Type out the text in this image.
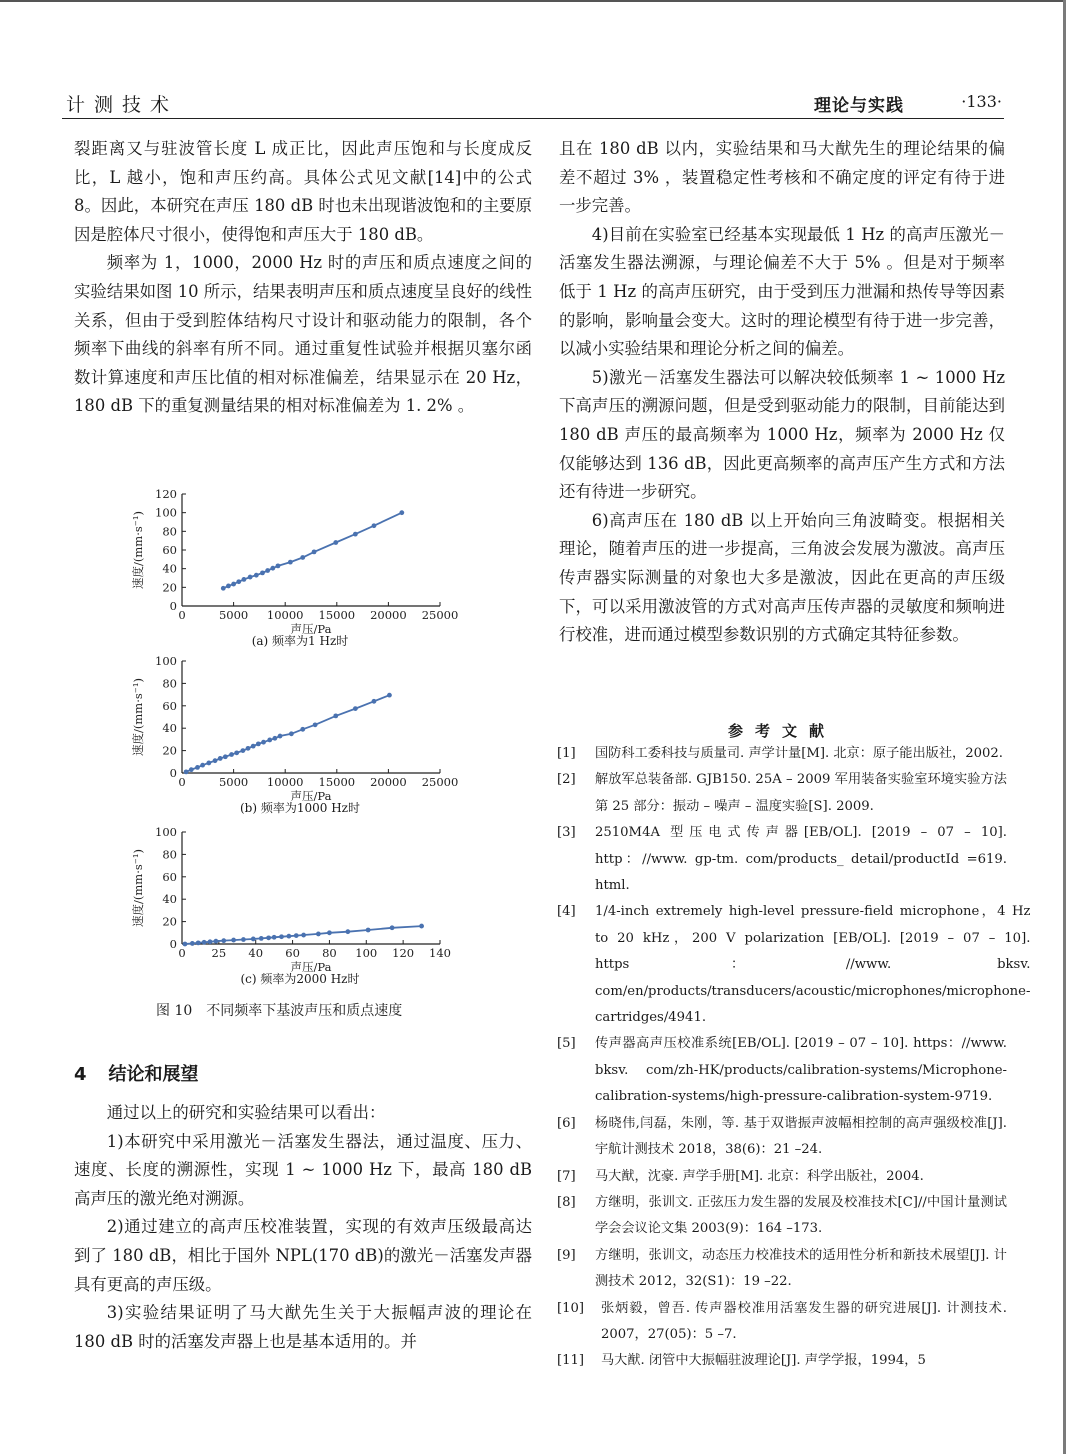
计测技术	理论与实践	·133·

裂距离又与驻波管长度 L 成正比，因此声压饱和与长度成反比，L 越小，饱和声压约高。具体公式见文献[14]中的公式 8。因此，本研究在声压 180 dB 时也未出现谐波饱和的主要原因是腔体尺寸很小，使得饱和声压大于 180 dB。

频率为 1，1000，2000 Hz 时的声压和质点速度之间的实验结果如图 10 所示，结果表明声压和质点速度呈良好的线性关系，但由于受到腔体结构尺寸设计和驱动能力的限制，各个频率下曲线的斜率有所不同。通过重复性试验并根据贝塞尔函数计算速度和声压比值的相对标准偏差，结果显示在 20 Hz，180 dB 下的重复测量结果的相对标准偏差为 1. 2% 。

0
20
40
60
80
100
120
0	5000 10000 15000 20000 25000
声压/Pa
速度/(mm·s⁻¹)
(a) 频率为1 Hz时
0
20
40
60
80
100
0	5000 10000 15000 20000 25000
声压/Pa
速度/(mm·s⁻¹)
(b) 频率为1000 Hz时
0
20
40
60
80
100
0 25 40 60 80 100 120 140
声压/Pa
速度/(mm·s⁻¹)
(c) 频率为2000 Hz时
图 10　不同频率下基波声压和质点速度
4 结论和展望

通过以上的研究和实验结果可以看出：

1)本研究中采用激光－活塞发生器法，通过温度、压力、速度、长度的溯源性，实现 1 ~ 1000 Hz 下，最高 180 dB 高声压的激光绝对溯源。

2)通过建立的高声压校准装置，实现的有效声压级最高达到了 180 dB，相比于国外 NPL(170 dB)的激光－活塞发声器具有更高的声压级。

3)实验结果证明了马大猷先生关于大振幅声波的理论在 180 dB 时的活塞发声器上也是基本适用的。并

且在 180 dB 以内，实验结果和马大猷先生的理论结果的偏差不超过 3% ，装置稳定性考核和不确定度的评定有待于进一步完善。

4)目前在实验室已经基本实现最低 1 Hz 的高声压激光－活塞发生器法溯源，与理论偏差不大于 5% 。但是对于频率低于 1 Hz 的高声压研究，由于受到压力泄漏和热传导等因素的影响，影响量会变大。这时的理论模型有待于进一步完善，以减小实验结果和理论分析之间的偏差。

5)激光－活塞发生器法可以解决较低频率 1 ~ 1000 Hz 下高声压的溯源问题，但是受到驱动能力的限制，目前能达到 180 dB 声压的最高频率为 1000 Hz，频率为 2000 Hz 仅仅能够达到 136 dB，因此更高频率的高声压产生方式和方法还有待进一步研究。

6)高声压在 180 dB 以上开始向三角波畸变。根据相关理论，随着声压的进一步提高，三角波会发展为激波。高声压传声器实际测量的对象也大多是激波，因此在更高的声压级下，可以采用激波管的方式对高声压传声器的灵敏度和频响进行校准，进而通过模型参数识别的方式确定其特征参数。

参考文献

[1]	国防科工委科技与质量司. 声学计量[M]. 北京：原子能出版社，2002.
[2]	解放军总装备部. GJB150. 25A – 2009 军用装备实验室环境实验方法第 25 部分：振动 – 噪声 – 温度实验[S]. 2009.
[3]	2510M4A 型压电式传声器[EB/OL]. [2019 – 07 – 10]. http：//www. gp-tm. com/products_ detail/productId =619. html.
[4]	1/4-inch extremely high-level pressure-field microphone，4 Hz to 20 kHz，200 V polarization [EB/OL]. [2019 – 07 – 10]. https：//www. bksv. com/en/products/transducers/acoustic/microphones/microphone-cartridges/4941.
[5]	传声器高声压校准系统[EB/OL]. [2019 – 07 – 10]. https：//www. bksv. com/zh-HK/products/calibration-systems/Microphone-calibration-systems/high-pressure-calibration-system-9719.
[6]	杨晓伟,闫磊，朱刚，等. 基于双谐振声波幅相控制的高声强级校准[J]. 宇航计测技术 2018，38(6)：21 –24.
[7]	马大猷，沈豪. 声学手册[M]. 北京：科学出版社，2004.
[8]	方继明，张训文. 正弦压力发生器的发展及校准技术[C]//中国计量测试学会会议论文集 2003(9)：164 –173.
[9]	方继明，张训文，动态压力校准技术的适用性分析和新技术展望[J]. 计测技术 2012，32(S1)：19 –22.
[10]	张炳毅，曾吾. 传声器校准用活塞发生器的研究进展[J]. 计测技术. 2007，27(05)：5 –7.
[11]	马大猷. 闭管中大振幅驻波理论[J]. 声学学报，1994，5
